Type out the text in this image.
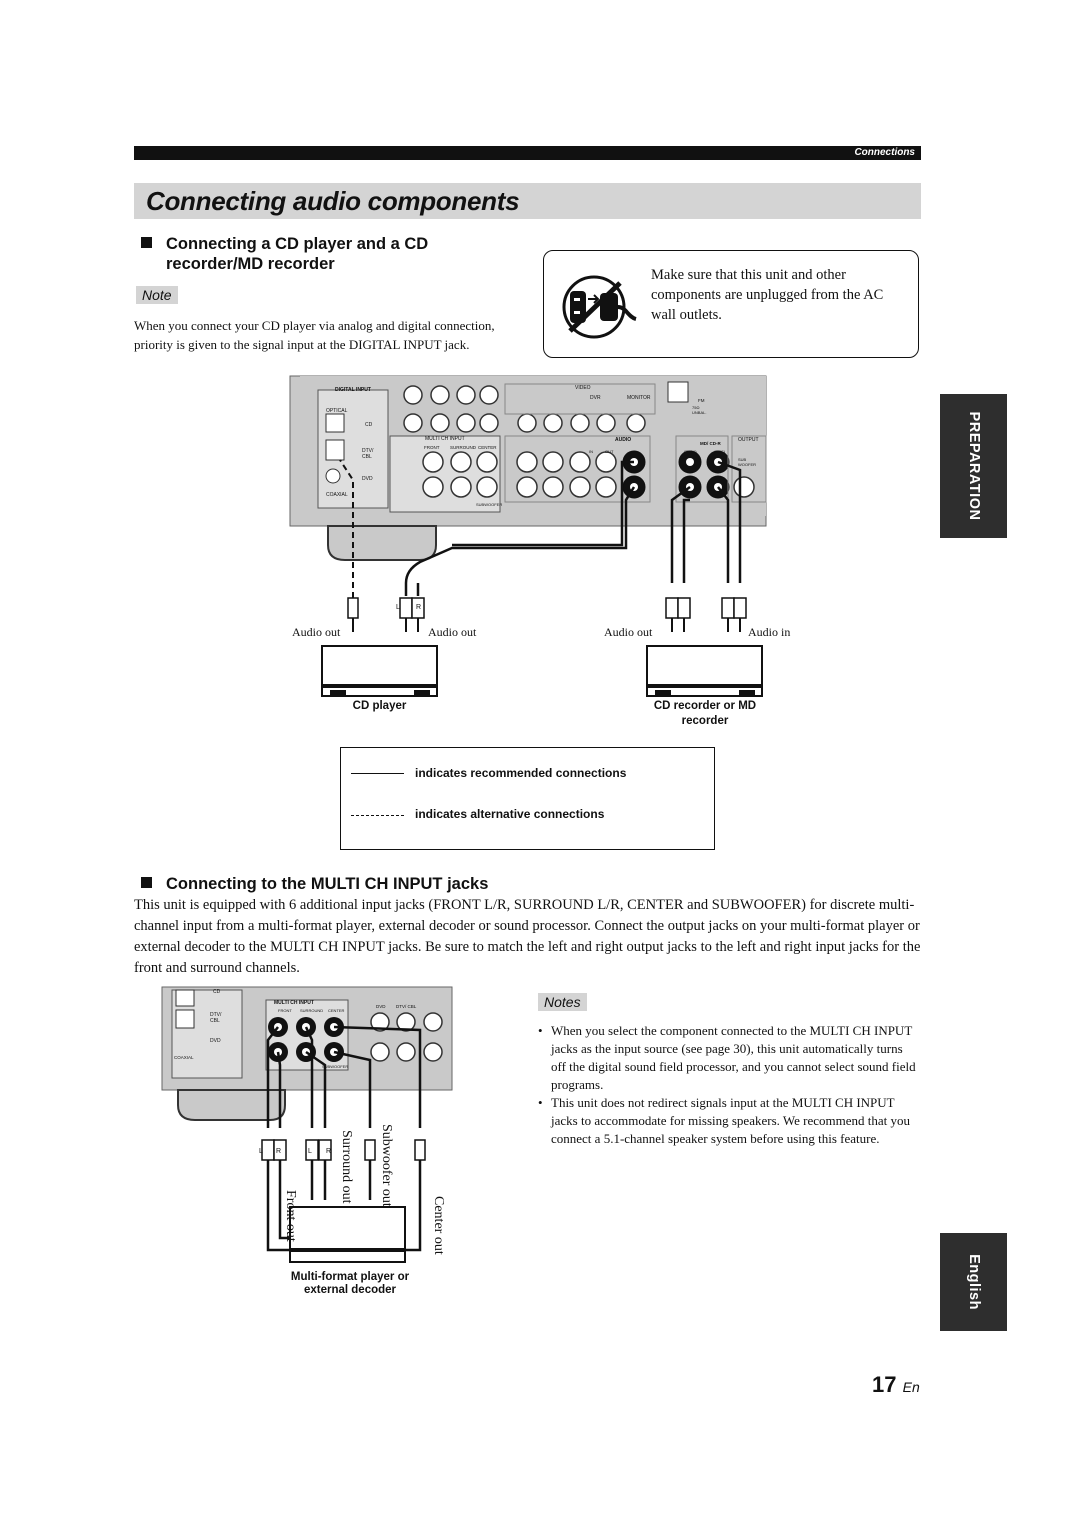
Connections
Connecting audio components
Connecting a CD player and a CD
recorder/MD recorder
Note
When you connect your CD player via analog and digital connection, priority is given to the signal input at the DIGITAL INPUT jack.
Make sure that this unit and other components are unplugged from the AC wall outlets.
PREPARATION
English
DIGITAL INPUT
OPTICAL
COAXIAL
CD
DTV/ CBL
DVD
VIDEO
MULTI CH INPUT
FRONT SURROUND CENTER
SUBWOOFER
AUDIO	OUTPUT
DVR	MONITOR
MD/ CD-R
(PLAY)	(REC)
SUB WOOFER
FM
75Ω UNBAL.
IN	OUT
L R
Audio out	Audio out	Audio out	Audio in
CD player	CD recorder or MD
recorder
indicates recommended connections
indicates alternative connections
Connecting to the MULTI CH INPUT jacks
This unit is equipped with 6 additional input jacks (FRONT L/R, SURROUND L/R, CENTER and SUBWOOFER) for discrete multi-channel input from a multi-format player, external decoder or sound processor. Connect the output jacks on your multi-format player or external decoder to the MULTI CH INPUT jacks. Be sure to match the left and right output jacks to the left and right input jacks for the front and surround channels.
Notes
• When you select the component connected to the MULTI CH INPUT jacks as the input source (see page 30), this unit automatically turns off the digital sound field processor, and you cannot select sound field programs.
• This unit does not redirect signals input at the MULTI CH INPUT jacks to accommodate for missing speakers. We recommend that you connect a 5.1-channel speaker system before using this feature.
CD
DTV/ CBL
DVD
COAXIAL
MULTI CH INPUT
FRONT SURROUND CENTER
SUBWOOFER
DVD DTV/ CBL
L R	L R
Front out
Surround out Subwoofer out
Center out
Multi-format player or
external decoder
17 En
